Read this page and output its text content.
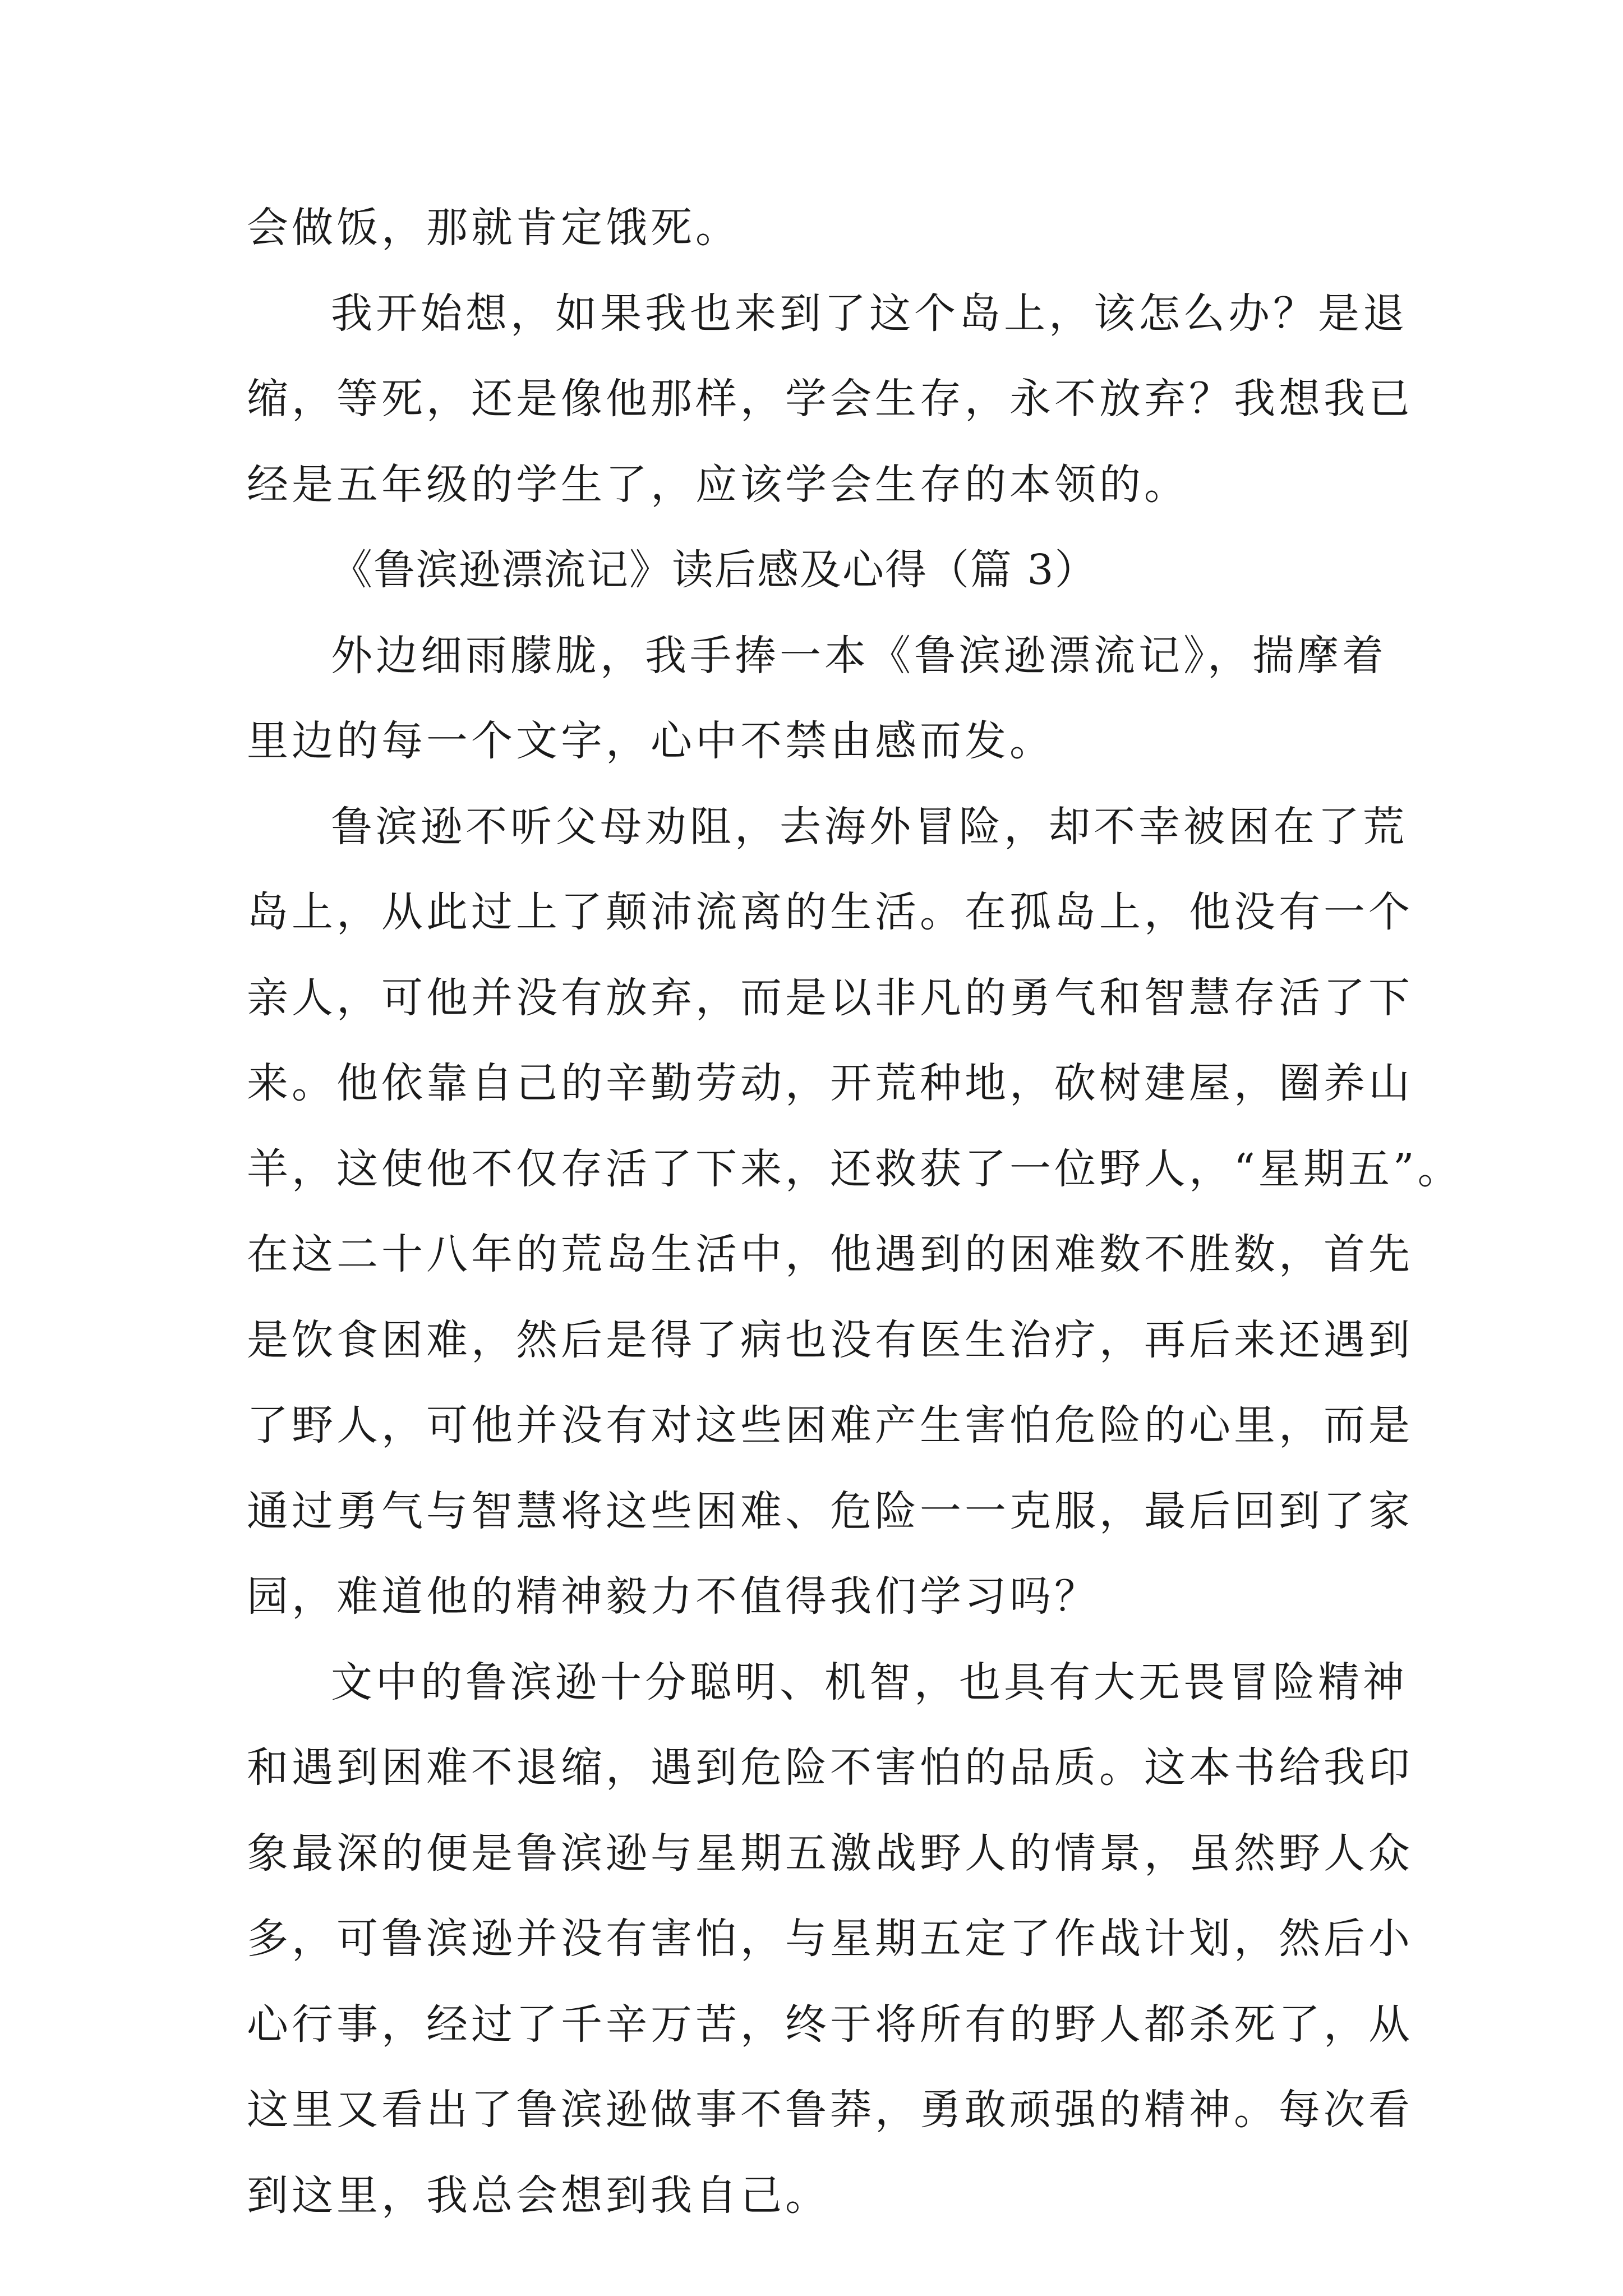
会做饭，那就肯定饿死。
我开始想，如果我也来到了这个岛上，该怎么办？是退
缩，等死，还是像他那样，学会生存，永不放弃？我想我已
经是五年级的学生了，应该学会生存的本领的。
《鲁滨逊漂流记》读后感及心得（篇 3）
外边细雨朦胧，我手捧一本《鲁滨逊漂流记》，揣摩着
里边的每一个文字，心中不禁由感而发。
鲁滨逊不听父母劝阻，去海外冒险，却不幸被困在了荒
岛上，从此过上了颠沛流离的生活。在孤岛上，他没有一个
亲人，可他并没有放弃，而是以非凡的勇气和智慧存活了下
来。他依靠自己的辛勤劳动，开荒种地，砍树建屋，圈养山
羊，这使他不仅存活了下来，还救获了一位野人，“星期五”。
在这二十八年的荒岛生活中，他遇到的困难数不胜数，首先
是饮食困难，然后是得了病也没有医生治疗，再后来还遇到
了野人，可他并没有对这些困难产生害怕危险的心里，而是
通过勇气与智慧将这些困难、危险一一克服，最后回到了家
园，难道他的精神毅力不值得我们学习吗？
文中的鲁滨逊十分聪明、机智，也具有大无畏冒险精神
和遇到困难不退缩，遇到危险不害怕的品质。这本书给我印
象最深的便是鲁滨逊与星期五激战野人的情景，虽然野人众
多，可鲁滨逊并没有害怕，与星期五定了作战计划，然后小
心行事，经过了千辛万苦，终于将所有的野人都杀死了，从
这里又看出了鲁滨逊做事不鲁莽，勇敢顽强的精神。每次看
到这里，我总会想到我自己。
